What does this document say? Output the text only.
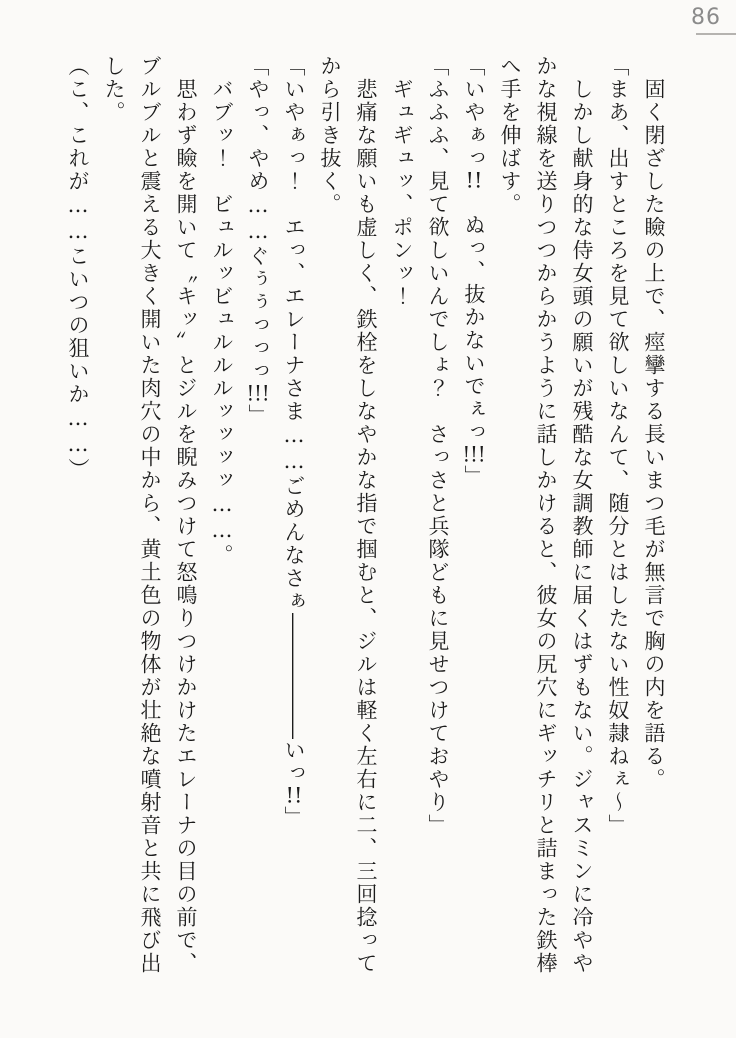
86

固く閉ざした瞼の上で、痙攣する長いまつ毛が無言で胸の内を語る。

「まあ、出すところを見て欲しいなんて、随分とはしたない性奴隷ねぇ〜」

しかし献身的な侍女頭の願いが残酷な女調教師に届くはずもない。ジャスミンに冷ややかな視線を送りつつからかうように話しかけると、彼女の尻穴にギッチリと詰まった鉄棒へ手を伸ばす。

「いやぁっ!!　ぬっ、抜かないでぇっ!!!」

「ふふふ、見て欲しいんでしょ？　さっさと兵隊どもに見せつけておやり」

ギュギュッ、ポンッ！

悲痛な願いも虚しく、鉄栓をしなやかな指で掴むと、ジルは軽く左右に二、三回捻ってから引き抜く。

「いやぁっ！　エっ、エレーナさま……ごめんなさぁ――――――いっ!!」

「やっ、やめ……ぐぅぅっっっ!!!」

バブッ！　ビュルッビュルルルッッッッ……。

思わず瞼を開いて〝キッ〟とジルを睨みつけて怒鳴りつけかけたエレーナの目の前で、ブルブルと震える大きく開いた肉穴の中から、黄土色の物体が壮絶な噴射音と共に飛び出した。

（こ、これが……こいつの狙いか……）
